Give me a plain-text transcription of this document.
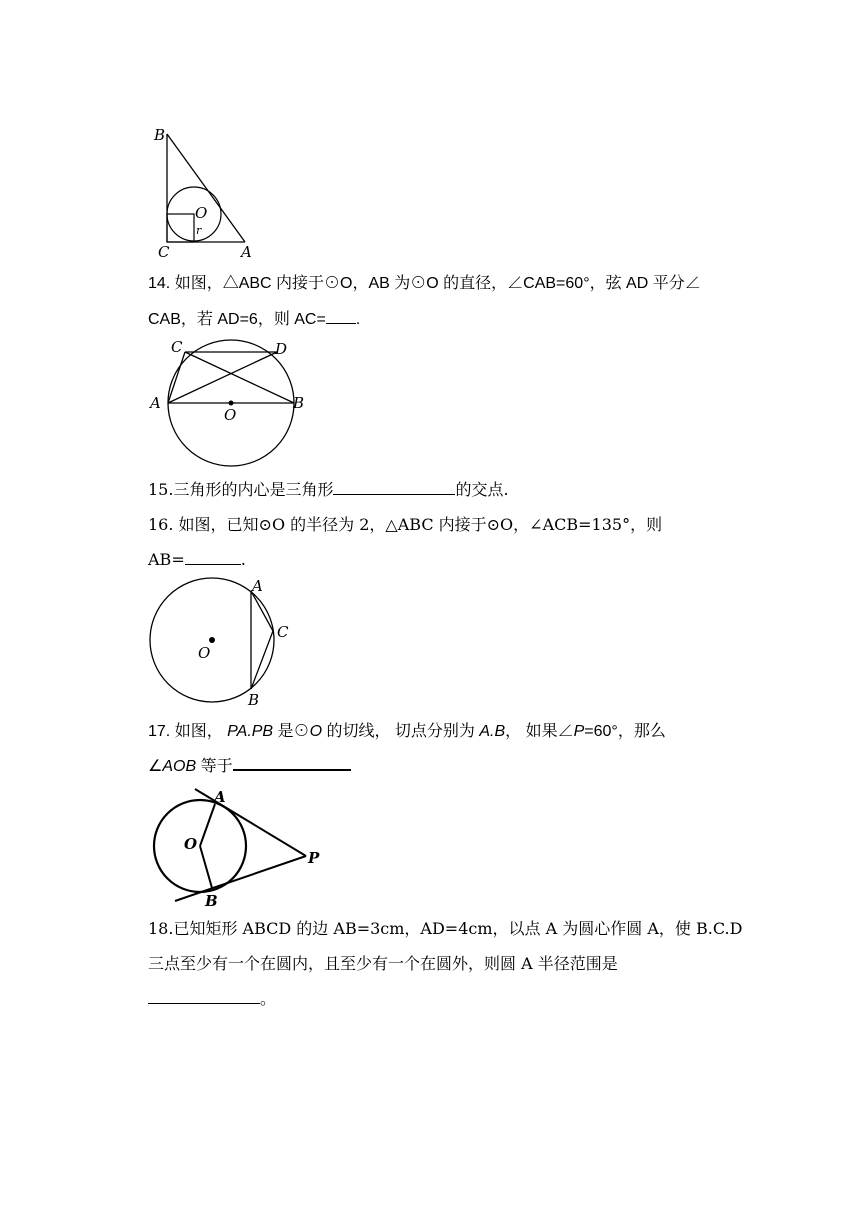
B
C	A
O
r
14. 如图，△ABC 内接于⊙O，AB 为⊙O 的直径，∠CAB=60°，弦 AD 平分∠
CAB，若 AD=6，则 AC= .
C	D
A	B
O
15.三角形的内心是三角形	的交点.
16. 如图，已知⊙O 的半径为 2，△ABC 内接于⊙O，∠ACB=135°，则
AB=	.
A
C
B
O
17. 如图， PA.PB 是⊙O 的切线， 切点分别为 A.B， 如果∠P=60°，那么
∠AOB 等于
A
B
O
P
18.已知矩形 ABCD 的边 AB=3cm，AD=4cm，以点 A 为圆心作圆 A，使 B.C.D
三点至少有一个在圆内，且至少有一个在圆外，则圆 A 半径范围是
。
